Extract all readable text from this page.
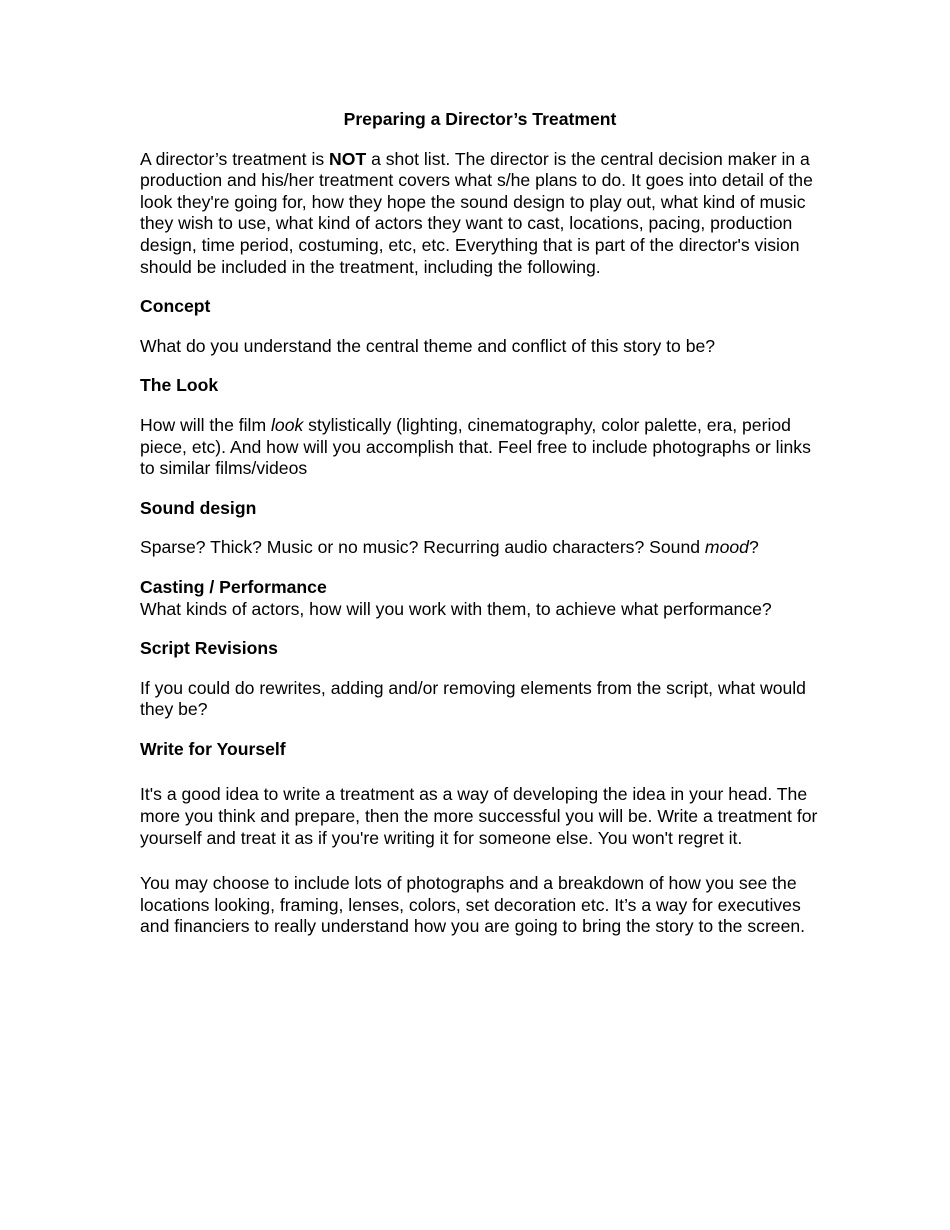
Preparing a Director’s Treatment

A director’s treatment is NOT a shot list. The director is the central decision maker in a production and his/her treatment covers what s/he plans to do. It goes into detail of the look they're going for, how they hope the sound design to play out, what kind of music they wish to use, what kind of actors they want to cast, locations, pacing, production design, time period, costuming, etc, etc. Everything that is part of the director's vision should be included in the treatment, including the following.

Concept

What do you understand the central theme and conflict of this story to be?

The Look

How will the film look stylistically (lighting, cinematography, color palette, era, period piece, etc). And how will you accomplish that. Feel free to include photographs or links to similar films/videos

Sound design

Sparse? Thick? Music or no music? Recurring audio characters? Sound mood?

Casting / Performance

What kinds of actors, how will you work with them, to achieve what performance?

Script Revisions

If you could do rewrites, adding and/or removing elements from the script, what would they be?

Write for Yourself

It's a good idea to write a treatment as a way of developing the idea in your head. The more you think and prepare, then the more successful you will be. Write a treatment for yourself and treat it as if you're writing it for someone else. You won't regret it.

You may choose to include lots of photographs and a breakdown of how you see the locations looking, framing, lenses, colors, set decoration etc. It’s a way for executives and financiers to really understand how you are going to bring the story to the screen.
